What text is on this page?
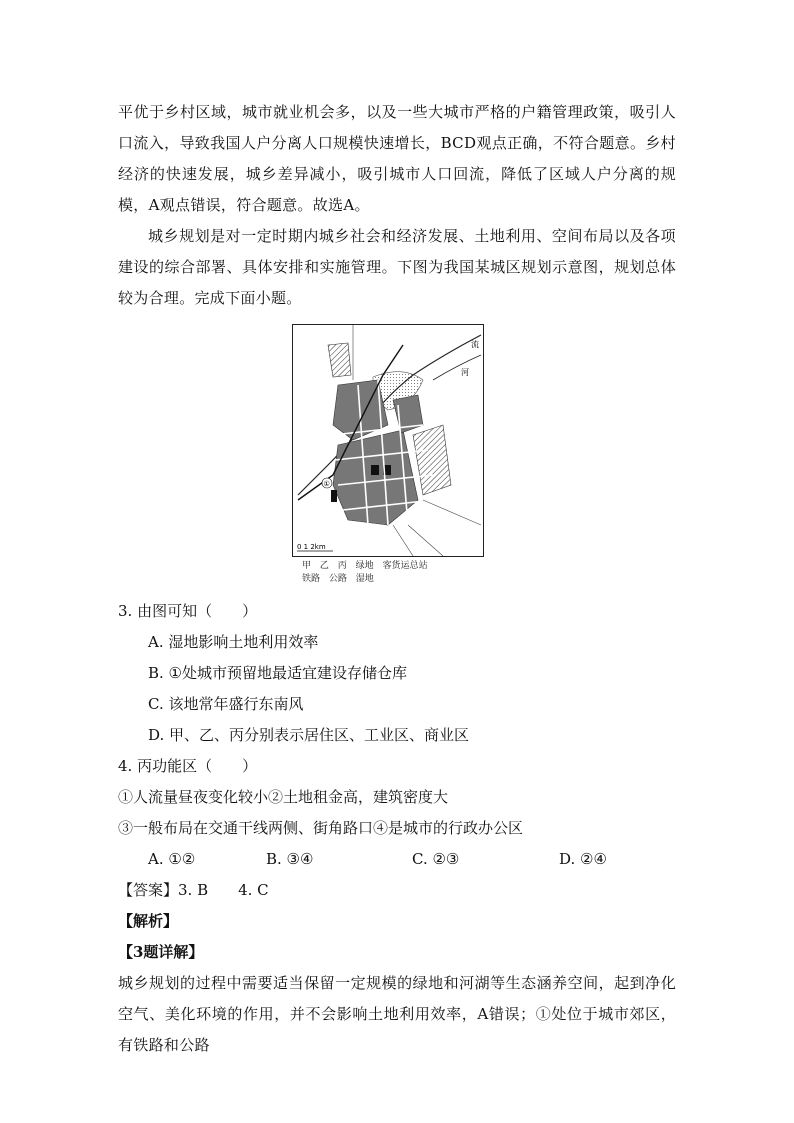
平优于乡村区域，城市就业机会多，以及一些大城市严格的户籍管理政策，吸引人口流入，导致我国人户分离人口规模快速增长，BCD观点正确，不符合题意。乡村经济的快速发展，城乡差异减小，吸引城市人口回流，降低了区域人户分离的规模，A观点错误，符合题意。故选A。

城乡规划是对一定时期内城乡社会和经济发展、土地利用、空间布局以及各项建设的综合部署、具体安排和实施管理。下图为我国某城区规划示意图，规划总体较为合理。完成下面小题。

河
流
①
0 1 2km
甲 乙 丙 绿地 客货运总站
铁路 公路 湿地

3. 由图可知（　　）

A. 湿地影响土地利用效率

B. ①处城市预留地最适宜建设存储仓库

C. 该地常年盛行东南风

D. 甲、乙、丙分别表示居住区、工业区、商业区

4. 丙功能区（　　）

①人流量昼夜变化较小②土地租金高，建筑密度大

③一般布局在交通干线两侧、街角路口④是城市的行政办公区

A. ①②	B. ③④	C. ②③	D. ②④

【答案】3. B　　4. C

【解析】

【3题详解】

城乡规划的过程中需要适当保留一定规模的绿地和河湖等生态涵养空间，起到净化空气、美化环境的作用，并不会影响土地利用效率，A错误；①处位于城市郊区，有铁路和公路
